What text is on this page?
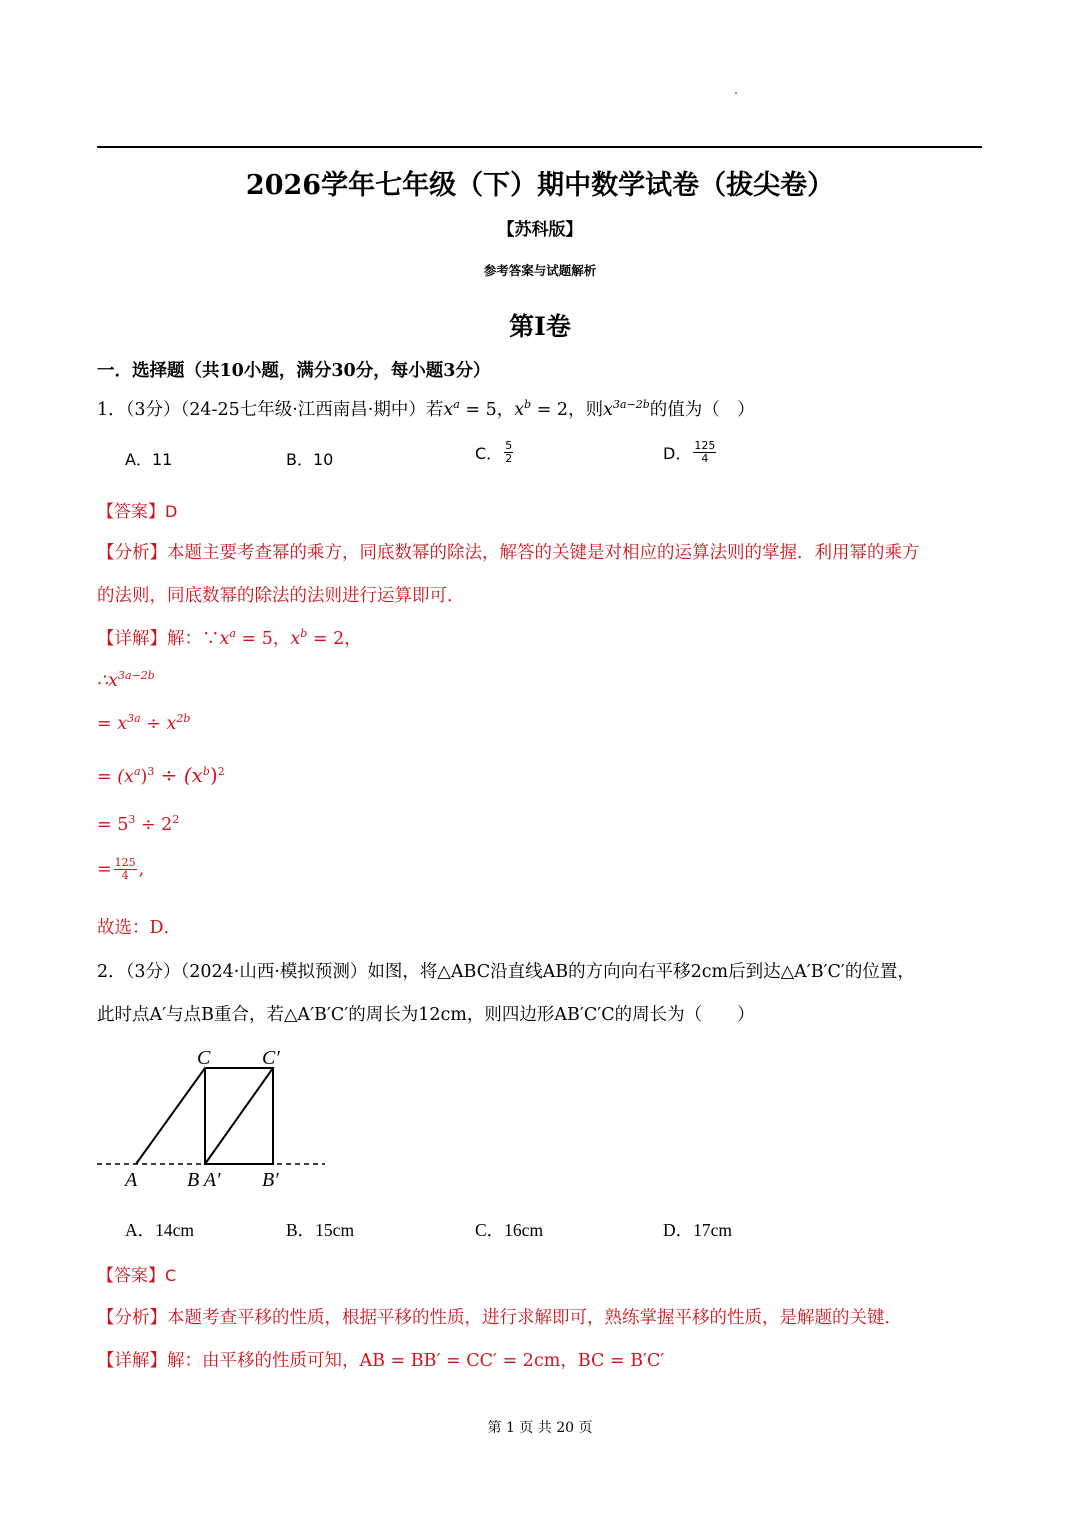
2026学年七年级（下）期中数学试卷（拔尖卷）
【苏科版】
参考答案与试题解析
第Ⅰ卷
一．选择题（共10小题，满分30分，每小题3分）
1．（3分）（24-25七年级·江西南昌·期中）若$x^a = 5$，$x^b = 2$，则$x^{3a-2b}$的值为（　）
A．11	B．10	C． $\frac{5}{2}$	D． $\frac{125}{4}$
【答案】D
【分析】本题主要考查幂的乘方，同底数幂的除法，解答的关键是对相应的运算法则的掌握．利用幂的乘方
的法则，同底数幂的除法的法则进行运算即可．
【详解】解：$\because x^a = 5$，$x^b = 2$，
$\therefore x^{3a-2b}$
= $x^{3a} \div x^{2b}$
= $(x^a)^3 \div (x^b)^2$
= $5^3 \div 2^2$
= $\frac{125}{4}$ ,
故选：D．
2．（3分）（2024·山西·模拟预测）如图，将△ABC沿直线AB的方向向右平移2cm后到达△A′B′C′的位置，
此时点A′与点B重合，若△A′B′C′的周长为12cm，则四边形AB′C′C的周长为（　　）
C	C′
A B A′ B′
A．14cm	B．15cm	C．16cm	D．17cm
【答案】C
【分析】本题考查平移的性质，根据平移的性质，进行求解即可，熟练掌握平移的性质，是解题的关键．
【详解】解：由平移的性质可知，AB = BB′ = CC′ = 2cm，BC = B′C′
第 1 页 共 20 页
